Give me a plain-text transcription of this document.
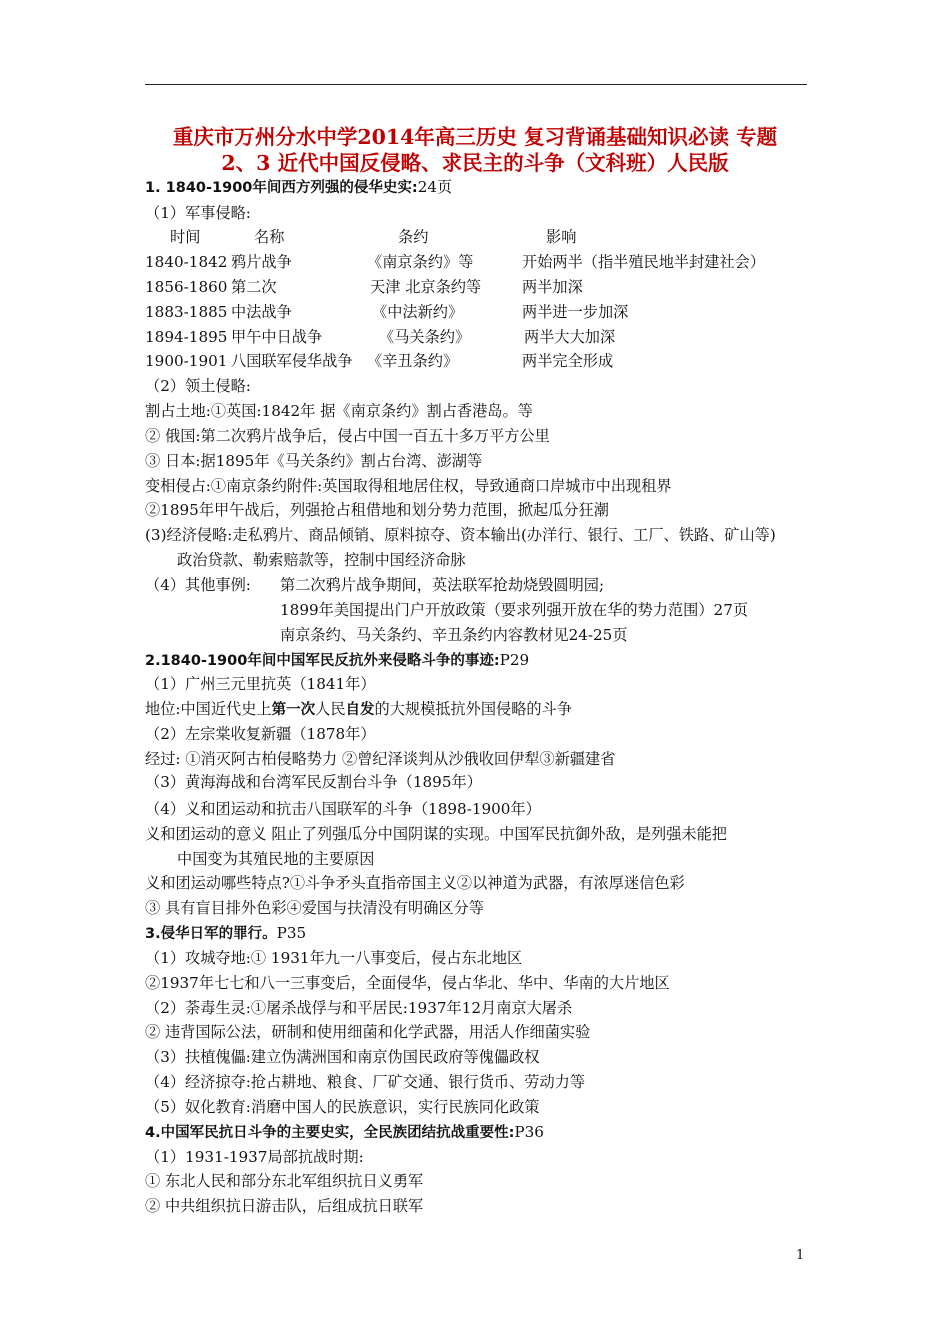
重庆市万州分水中学2014年高三历史 复习背诵基础知识必读 专题
2、3 近代中国反侵略、求民主的斗争（文科班）人民版
1. 1840-1900年间西方列强的侵华史实:24页
（1）军事侵略:
时间	名称	条约	影响
1840-1842 鸦片战争	《南京条约》等	开始两半（指半殖民地半封建社会）
1856-1860 第二次	天津 北京条约等	两半加深
1883-1885 中法战争	《中法新约》	两半进一步加深
1894-1895 甲午中日战争	《马关条约》	两半大大加深
1900-1901 八国联军侵华战争 《辛丑条约》	两半完全形成
（2）领土侵略:
割占土地:①英国:1842年 据《南京条约》割占香港岛。等
② 俄国:第二次鸦片战争后，侵占中国一百五十多万平方公里
③ 日本:据1895年《马关条约》割占台湾、澎湖等
变相侵占:①南京条约附件:英国取得租地居住权，导致通商口岸城市中出现租界
②1895年甲午战后，列强抢占租借地和划分势力范围，掀起瓜分狂潮
(3)经济侵略:走私鸦片、商品倾销、原料掠夺、资本输出(办洋行、银行、工厂、铁路、矿山等)
政治贷款、勒索赔款等，控制中国经济命脉
（4）其他事例: 第二次鸦片战争期间，英法联军抢劫烧毁圆明园;
1899年美国提出门户开放政策（要求列强开放在华的势力范围）27页
南京条约、马关条约、辛丑条约内容教材见24-25页
2.1840-1900年间中国军民反抗外来侵略斗争的事迹:P29
（1）广州三元里抗英（1841年）
地位:中国近代史上第一次人民自发的大规模抵抗外国侵略的斗争
（2）左宗棠收复新疆（1878年）
经过: ①消灭阿古柏侵略势力 ②曾纪泽谈判从沙俄收回伊犁③新疆建省
（3）黄海海战和台湾军民反割台斗争（1895年）
（4）义和团运动和抗击八国联军的斗争（1898-1900年）
义和团运动的意义 阻止了列强瓜分中国阴谋的实现。中国军民抗御外敌，是列强未能把
中国变为其殖民地的主要原因
义和团运动哪些特点?①斗争矛头直指帝国主义②以神道为武器，有浓厚迷信色彩
③ 具有盲目排外色彩④爱国与扶清没有明确区分等
3.侵华日军的罪行。P35
（1）攻城夺地:① 1931年九一八事变后，侵占东北地区
②1937年七七和八一三事变后，全面侵华，侵占华北、华中、华南的大片地区
（2）荼毒生灵:①屠杀战俘与和平居民:1937年12月南京大屠杀
② 违背国际公法，研制和使用细菌和化学武器，用活人作细菌实验
（3）扶植傀儡:建立伪满洲国和南京伪国民政府等傀儡政权
（4）经济掠夺:抢占耕地、粮食、厂矿交通、银行货币、劳动力等
（5）奴化教育:消磨中国人的民族意识，实行民族同化政策
4.中国军民抗日斗争的主要史实，全民族团结抗战重要性:P36
（1）1931-1937局部抗战时期:
① 东北人民和部分东北军组织抗日义勇军
② 中共组织抗日游击队，后组成抗日联军
1
